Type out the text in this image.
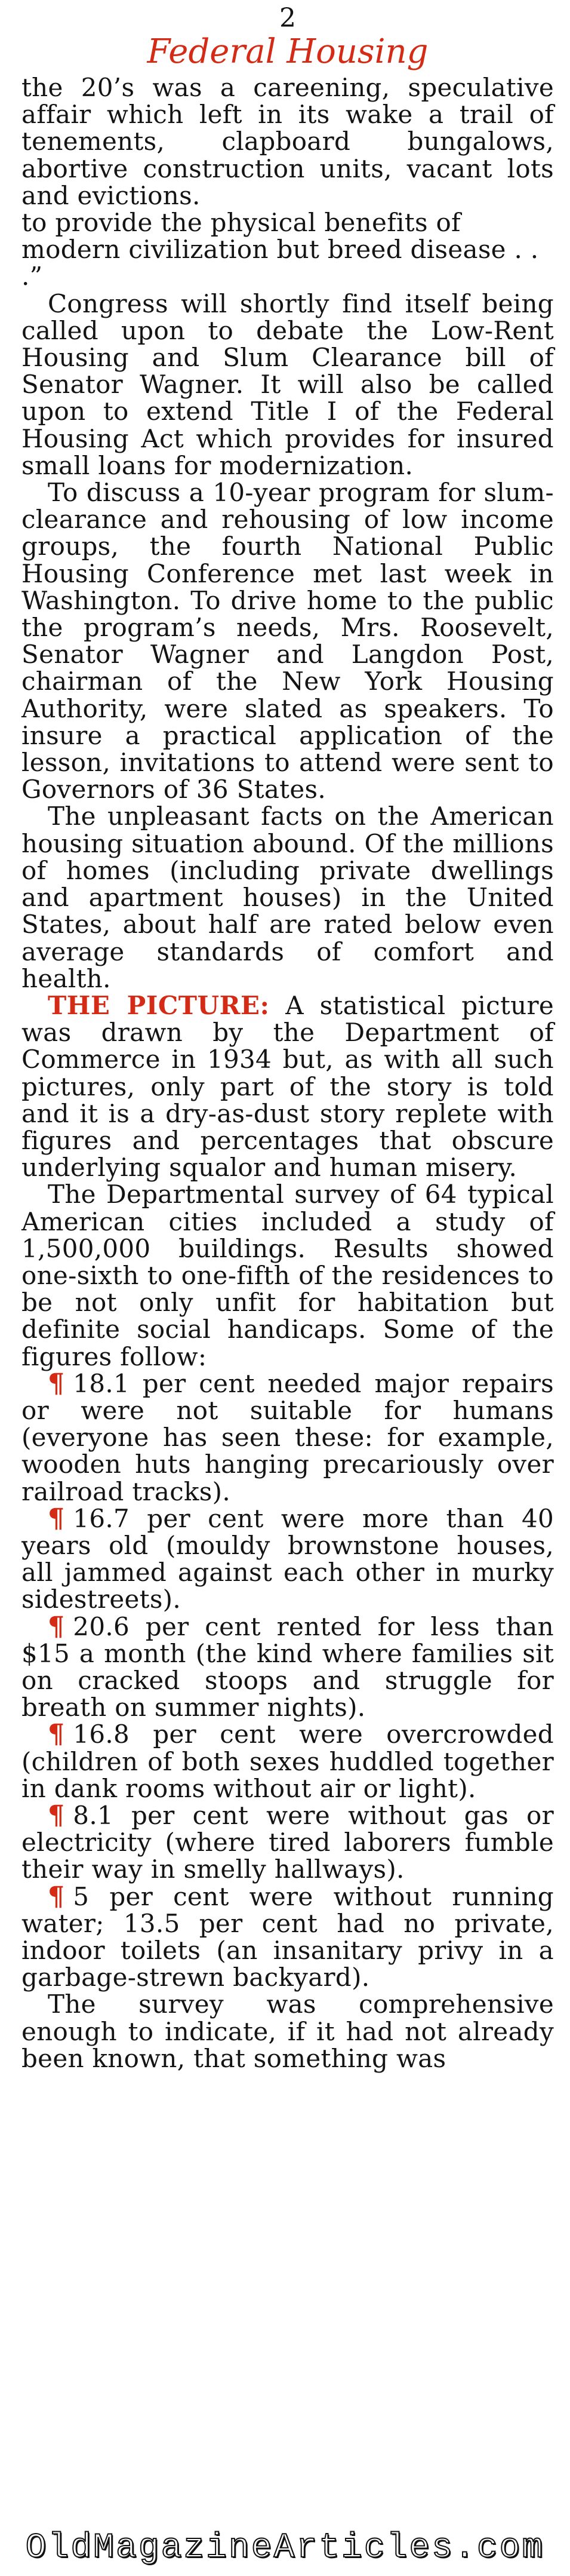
2
Federal Housing

the 20’s was a careening, speculative affair which left in its wake a trail of tenements, clapboard bungalows, abortive construction units, vacant lots and evictions.

to provide the physical benefits of modern civilization but breed disease . . .”

Congress will shortly find itself being called upon to debate the Low-Rent Housing and Slum Clearance bill of Senator Wagner. It will also be called upon to extend Title I of the Federal Housing Act which provides for insured small loans for modernization.

To discuss a 10-year program for slum-clearance and rehousing of low income groups, the fourth National Public Housing Conference met last week in Washington. To drive home to the public the program’s needs, Mrs. Roosevelt, Senator Wagner and Langdon Post, chairman of the New York Housing Authority, were slated as speakers. To insure a practical application of the lesson, invitations to attend were sent to Governors of 36 States.

The unpleasant facts on the American housing situation abound. Of the millions of homes (including private dwellings and apartment houses) in the United States, about half are rated below even average standards of comfort and health.

THE PICTURE: A statistical picture was drawn by the Department of Commerce in 1934 but, as with all such pictures, only part of the story is told and it is a dry-as-dust story replete with figures and percentages that obscure underlying squalor and human misery.

The Departmental survey of 64 typical American cities included a study of 1,500,000 buildings. Results showed one-sixth to one-fifth of the residences to be not only unfit for habitation but definite social handicaps. Some of the figures follow:

¶ 18.1 per cent needed major repairs or were not suitable for humans (everyone has seen these: for example, wooden huts hanging precariously over railroad tracks).

¶ 16.7 per cent were more than 40 years old (mouldy brownstone houses, all jammed against each other in murky sidestreets).

¶ 20.6 per cent rented for less than $15 a month (the kind where families sit on cracked stoops and struggle for breath on summer nights).

¶ 16.8 per cent were overcrowded (children of both sexes huddled together in dank rooms without air or light).

¶ 8.1 per cent were without gas or electricity (where tired laborers fumble their way in smelly hallways).

¶ 5 per cent were without running water; 13.5 per cent had no private, indoor toilets (an insanitary privy in a garbage-strewn backyard).

The survey was comprehensive enough to indicate, if it had not already been known, that something was

OldMagazineArticles.com
